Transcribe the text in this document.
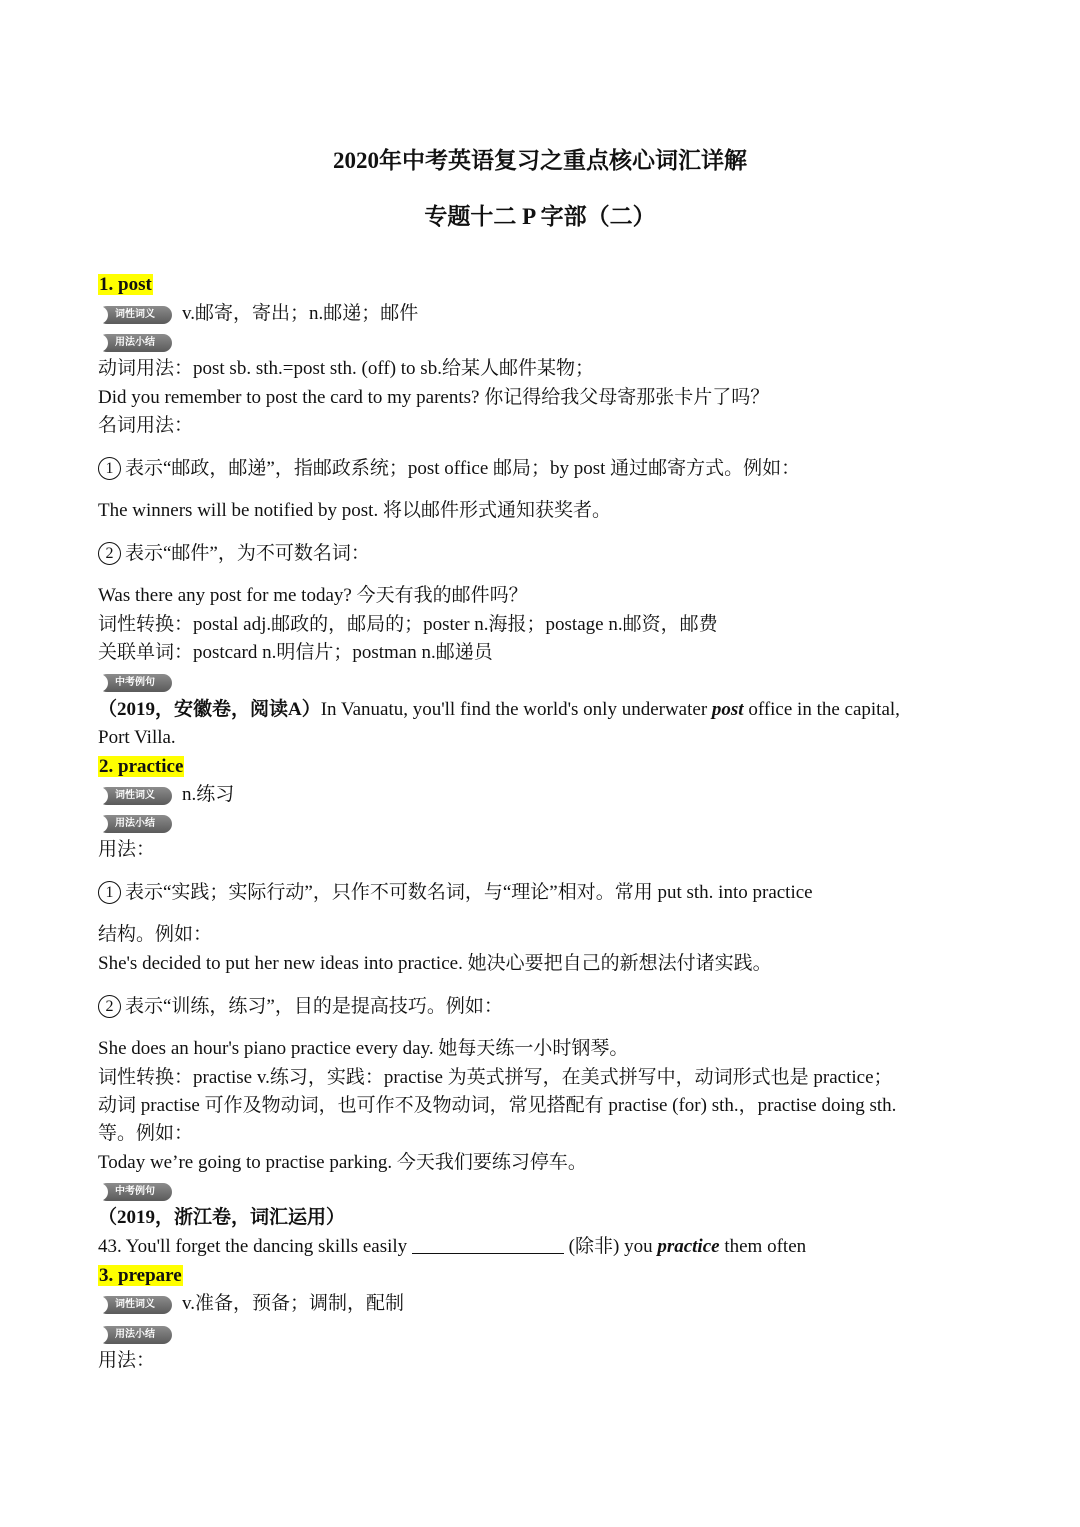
2020年中考英语复习之重点核心词汇详解
专题十二 P 字部（二）
1. post
词性词义 v.邮寄，寄出；n.邮递；邮件
用法小结
动词用法：post sb. sth.=post sth. (off) to sb.给某人邮件某物；
Did you remember to post the card to my parents? 你记得给我父母寄那张卡片了吗？
名词用法：
1 表示“邮政，邮递”，指邮政系统；post office 邮局；by post 通过邮寄方式。例如：
The winners will be notified by post. 将以邮件形式通知获奖者。
2 表示“邮件”，为不可数名词：
Was there any post for me today? 今天有我的邮件吗？
词性转换：postal adj.邮政的，邮局的；poster n.海报；postage n.邮资，邮费
关联单词：postcard n.明信片；postman n.邮递员
中考例句
（2019，安徽卷，阅读A）In Vanuatu, you'll find the world's only underwater post office in the capital,
Port Villa.
2. practice
词性词义 n.练习
用法小结
用法：
1 表示“实践；实际行动”，只作不可数名词，与“理论”相对。常用 put sth. into practice
结构。例如：
She's decided to put her new ideas into practice. 她决心要把自己的新想法付诸实践。
2 表示“训练，练习”，目的是提高技巧。例如：
She does an hour's piano practice every day. 她每天练一小时钢琴。
词性转换：practise v.练习，实践：practise 为英式拼写，在美式拼写中，动词形式也是 practice；
动词 practise 可作及物动词，也可作不及物动词，常见搭配有 practise (for) sth.，practise doing sth.
等。例如：
Today we’re going to practise parking. 今天我们要练习停车。
中考例句
（2019，浙江卷，词汇运用）
43. You'll forget the dancing skills easily	(除非) you practice them often
3. prepare
词性词义 v.准备，预备；调制，配制
用法小结
用法：
